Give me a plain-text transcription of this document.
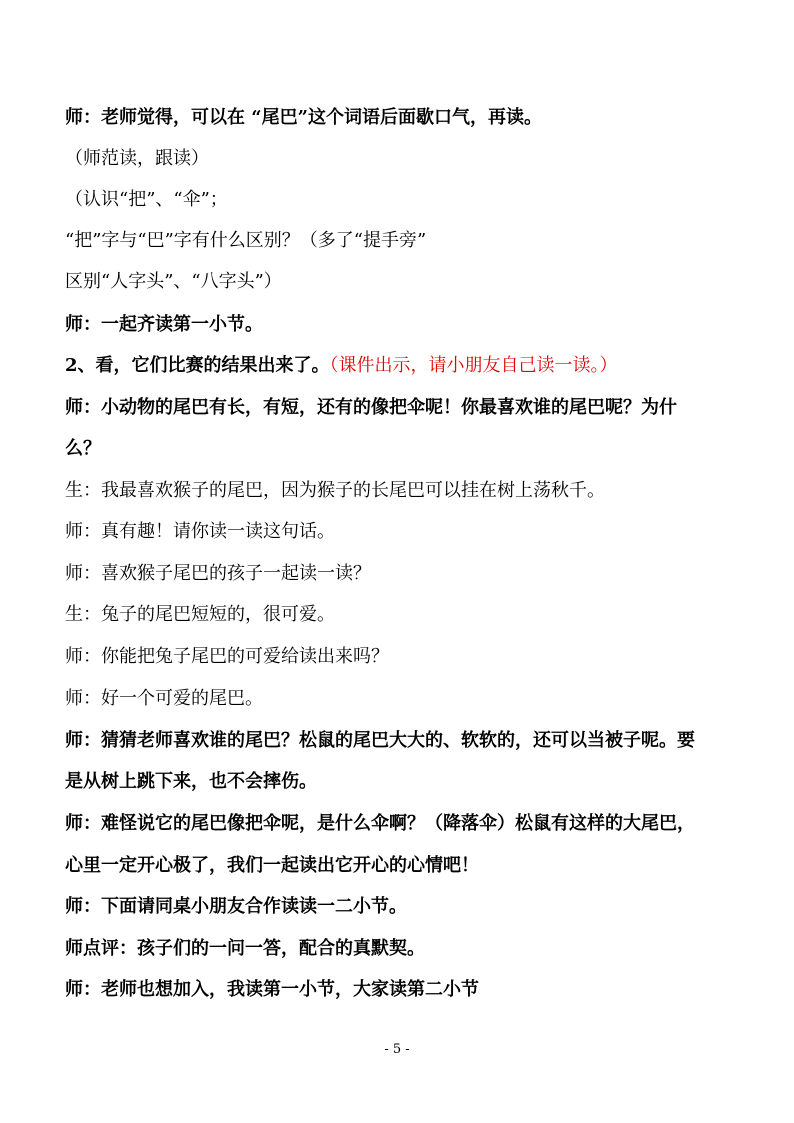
师：老师觉得，可以在 “尾巴”这个词语后面歇口气，再读。
（师范读，跟读）
（认识“把”、“伞”；
“把”字与“巴”字有什么区别？（多了“提手旁”
区别“人字头”、“八字头”）
师：一起齐读第一小节。
2、看，它们比赛的结果出来了。（课件出示，请小朋友自己读一读。）
师：小动物的尾巴有长，有短，还有的像把伞呢！你最喜欢谁的尾巴呢？为什
么？
生：我最喜欢猴子的尾巴，因为猴子的长尾巴可以挂在树上荡秋千。
师：真有趣！请你读一读这句话。
师：喜欢猴子尾巴的孩子一起读一读？
生：兔子的尾巴短短的，很可爱。
师：你能把兔子尾巴的可爱给读出来吗？
师：好一个可爱的尾巴。
师：猜猜老师喜欢谁的尾巴？松鼠的尾巴大大的、软软的，还可以当被子呢。要
是从树上跳下来，也不会摔伤。
师：难怪说它的尾巴像把伞呢，是什么伞啊？（降落伞）松鼠有这样的大尾巴，
心里一定开心极了，我们一起读出它开心的心情吧！
师：下面请同桌小朋友合作读读一二小节。
师点评：孩子们的一问一答，配合的真默契。
师：老师也想加入，我读第一小节，大家读第二小节
- 5 -
